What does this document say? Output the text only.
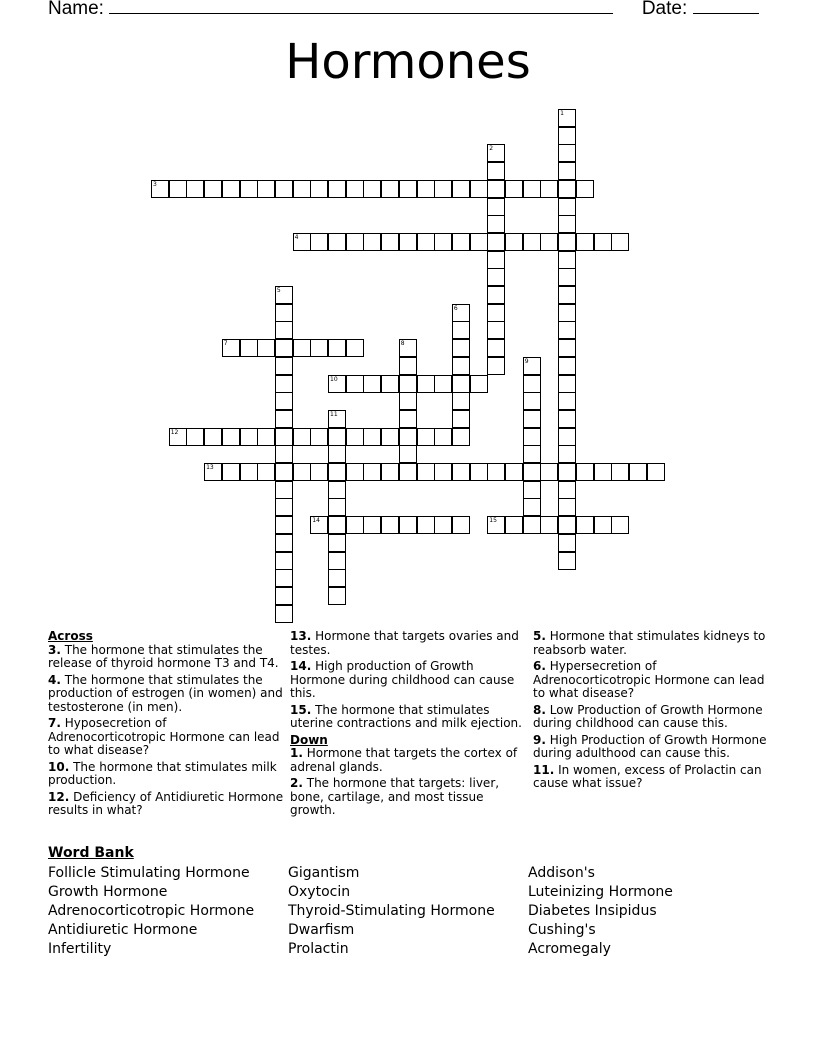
Name:	Date:
Hormones
1
2
3
4
5
6
7	8
9
10
11
12
13
14	15
Across
3. The hormone that stimulates the release of thyroid hormone T3 and T4.
4. The hormone that stimulates the production of estrogen (in women) and testosterone (in men).
7. Hyposecretion of Adrenocorticotropic Hormone can lead to what disease?
10. The hormone that stimulates milk production.
12. Deficiency of Antidiuretic Hormone results in what?
13. Hormone that targets ovaries and testes.
14. High production of Growth Hormone during childhood can cause this.
15. The hormone that stimulates uterine contractions and milk ejection.
Down
1. Hormone that targets the cortex of adrenal glands.
2. The hormone that targets: liver, bone, cartilage, and most tissue growth.
5. Hormone that stimulates kidneys to reabsorb water.
6. Hypersecretion of Adrenocorticotropic Hormone can lead to what disease?
8. Low Production of Growth Hormone during childhood can cause this.
9. High Production of Growth Hormone during adulthood can cause this.
11. In women, excess of Prolactin can cause what issue?
Word Bank
Follicle Stimulating Hormone
Growth Hormone
Adrenocorticotropic Hormone
Antidiuretic Hormone
Infertility
Gigantism
Oxytocin
Thyroid-Stimulating Hormone
Dwarfism
Prolactin
Addison's
Luteinizing Hormone
Diabetes Insipidus
Cushing's
Acromegaly
